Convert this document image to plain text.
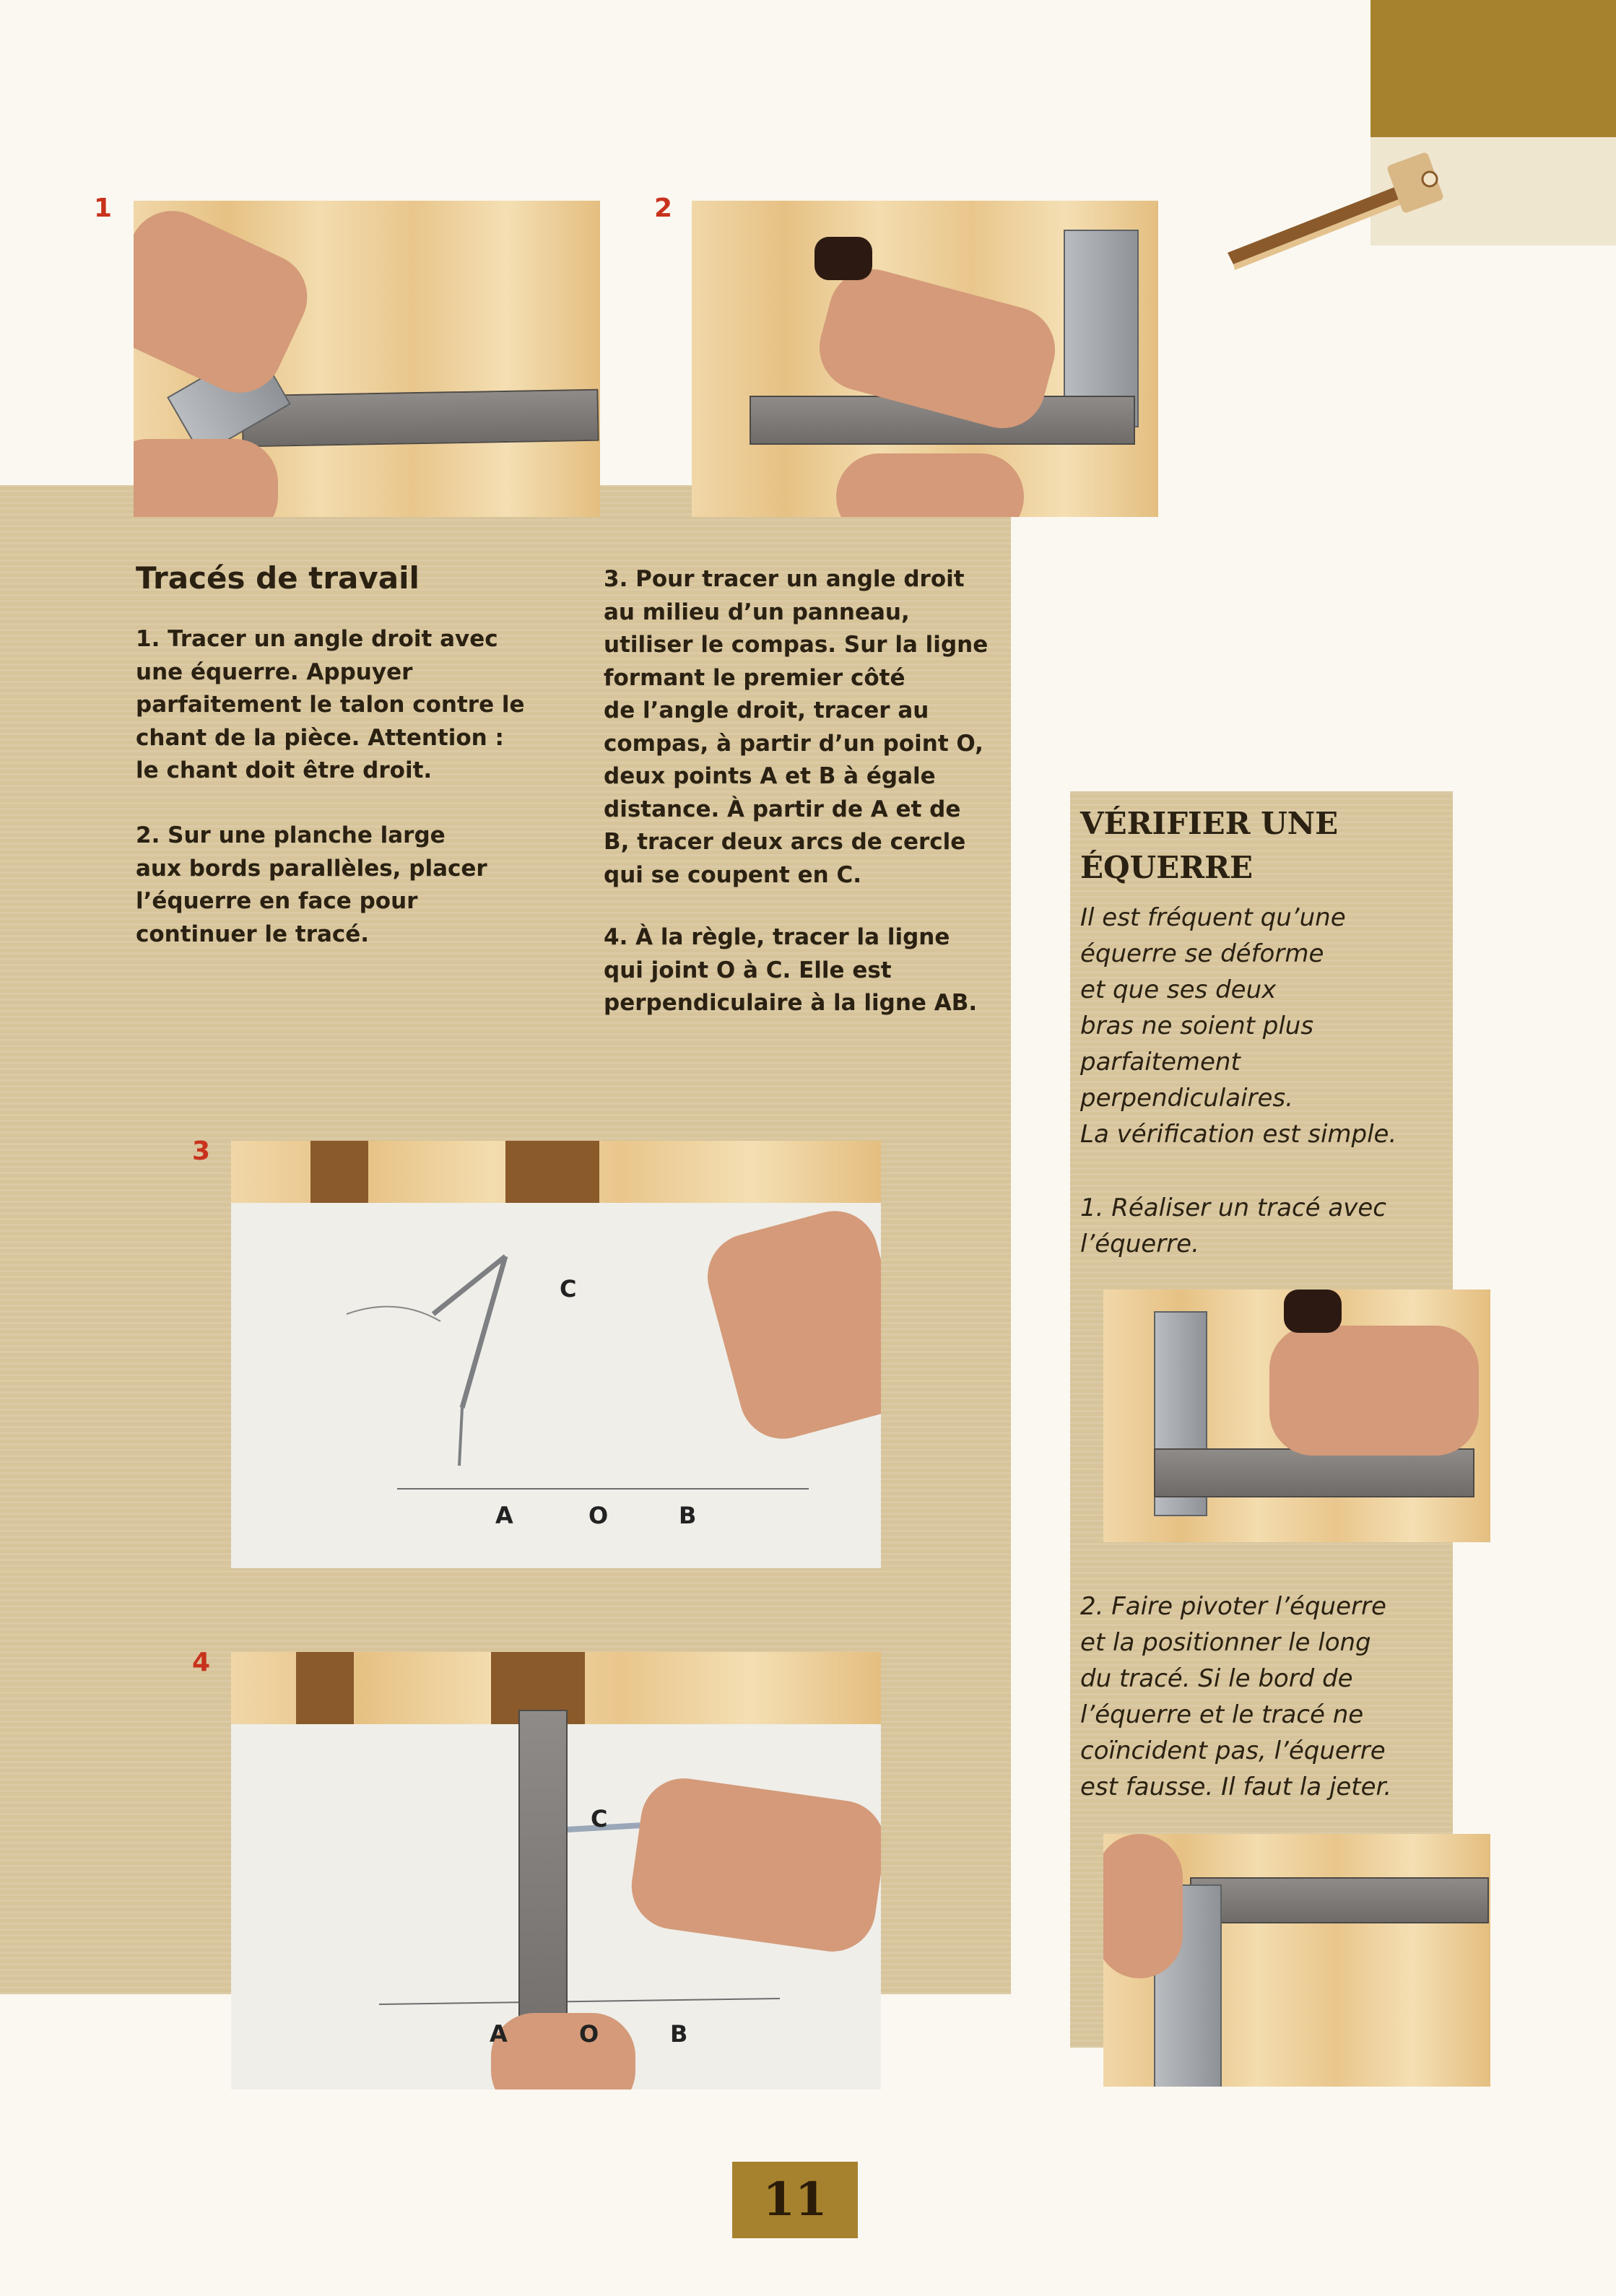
1	2
Tracés de travail
1. Tracer un angle droit avec
une équerre. Appuyer
parfaitement le talon contre le
chant de la pièce. Attention :
le chant doit être droit.
2. Sur une planche large
aux bords parallèles, placer
l’équerre en face pour
continuer le tracé.
3. Pour tracer un angle droit
au milieu d’un panneau,
utiliser le compas. Sur la ligne
formant le premier côté
de l’angle droit, tracer au
compas, à partir d’un point O,
deux points A et B à égale
distance. À partir de A et de
B, tracer deux arcs de cercle
qui se coupent en C.
4. À la règle, tracer la ligne
qui joint O à C. Elle est
perpendiculaire à la ligne AB.
3
C
A	O	B
4
C
A	O	B
VÉRIFIER UNE
ÉQUERRE
Il est fréquent qu’une
équerre se déforme
et que ses deux
bras ne soient plus
parfaitement
perpendiculaires.
La vérification est simple.
1. Réaliser un tracé avec
l’équerre.
2. Faire pivoter l’équerre
et la positionner le long
du tracé. Si le bord de
l’équerre et le tracé ne
coïncident pas, l’équerre
est fausse. Il faut la jeter.
11
